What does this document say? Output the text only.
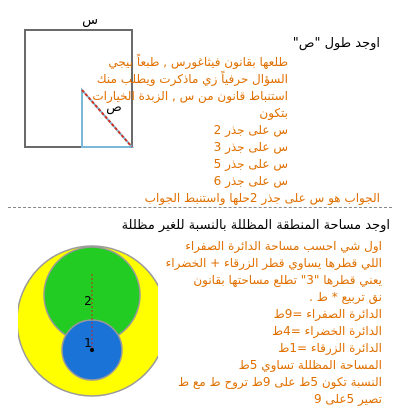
س
ص
اوجد طول "ص"
طلعها بقانون فيثاغورس , طبعاً بيجي
السؤال حرفياً زي ماذكرت ويطلب منك
استنباط قانون من س , الزبدة الخيارات
بتكون
س على جذر 2
س على جذر 3
س على جذر 5
س على جذر 6
الجواب هو س على جذر 2حلها واستنبط الجواب
اوجد مساحة المنطقة المظللة بالنسبة للغير مظللة
2
1
اول شي احسب مساحة الدائرة الصفراء
اللي قطرها يساوي قطر الزرقاء + الخضراء
يعني قطرها "3" تطلع مساحتها بقانون
نق تربيع * ط .
الدائرة الصفراء =9ط
الدائرة الخضراء =4ط
الدائرة الزرقاء =1ط
المساحة المظللة تساوي 5ط
النسبة تكون 5ط على 9ط تروح ط مع ط
تصير 5على 9
